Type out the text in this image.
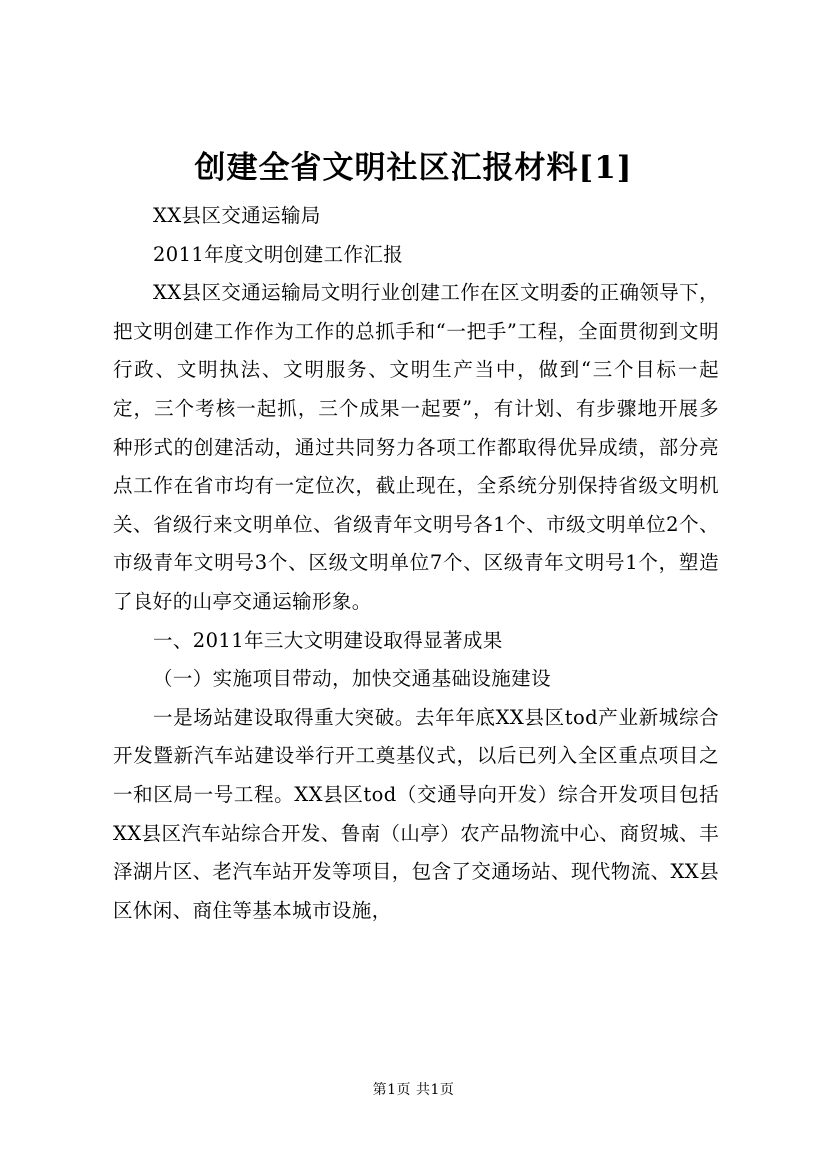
创建全省文明社区汇报材料[1]

XX县区交通运输局

2011年度文明创建工作汇报

XX县区交通运输局文明行业创建工作在区文明委的正确领导下，把文明创建工作作为工作的总抓手和“一把手”工程，全面贯彻到文明行政、文明执法、文明服务、文明生产当中，做到“三个目标一起定，三个考核一起抓，三个成果一起要”，有计划、有步骤地开展多种形式的创建活动，通过共同努力各项工作都取得优异成绩，部分亮点工作在省市均有一定位次，截止现在，全系统分别保持省级文明机关、省级行来文明单位、省级青年文明号各1个、市级文明单位2个、市级青年文明号3个、区级文明单位7个、区级青年文明号1个，塑造了良好的山亭交通运输形象。

一、2011年三大文明建设取得显著成果

（一）实施项目带动，加快交通基础设施建设

一是场站建设取得重大突破。去年年底XX县区tod产业新城综合开发暨新汽车站建设举行开工奠基仪式，以后已列入全区重点项目之一和区局一号工程。XX县区tod（交通导向开发）综合开发项目包括XX县区汽车站综合开发、鲁南（山亭）农产品物流中心、商贸城、丰泽湖片区、老汽车站开发等项目，包含了交通场站、现代物流、XX县区休闲、商住等基本城市设施，

第1页 共1页
